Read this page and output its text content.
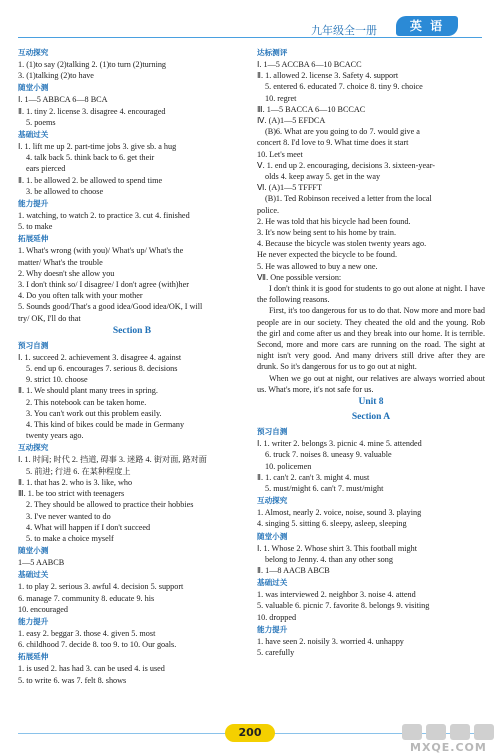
九年级全一册	英 语
互动探究
1. (1)to say (2)talking 2. (1)to turn (2)turning
3. (1)talking (2)to have
随堂小测
Ⅰ. 1—5 ABBCA 6—8 BCA
Ⅱ. 1. tiny 2. license 3. disagree 4. encouraged
5. poems
基础过关
Ⅰ. 1. lift me up 2. part-time jobs 3. give sb. a hug
4. talk back 5. think back to 6. get their
ears pierced
Ⅱ. 1. be allowed 2. be allowed to spend time
3. be allowed to choose
能力提升
1. watching, to watch 2. to practice 3. cut 4. finished
5. to make
拓展延伸
1. What's wrong (with you)/ What's up/ What's the
matter/ What's the trouble
2. Why doesn't she allow you
3. I don't think so/ I disagree/ I don't agree (with)her
4. Do you often talk with your mother
5. Sounds good/That's a good idea/Good idea/OK, I will
try/ OK, I'll do that
Section B
预习自测
Ⅰ. 1. succeed 2. achievement 3. disagree 4. against
5. end up 6. encourages 7. serious 8. decisions
9. strict 10. choose
Ⅱ. 1. We should plant many trees in spring.
2. This notebook can be taken home.
3. You can't work out this problem easily.
4. This kind of bikes could be made in Germany
twenty years ago.
互动探究
Ⅰ. 1. 时间; 时代 2. 挡道, 碍事 3. 迷路 4. 街对面, 路对面
5. 前进; 行进 6. 在某种程度上
Ⅱ. 1. that has 2. who is 3. like, who
Ⅲ. 1. be too strict with teenagers
2. They should be allowed to practice their hobbies
3. I've never wanted to do
4. What will happen if I don't succeed
5. to make a choice myself
随堂小测
1—5 AABCB
基础过关
1. to play 2. serious 3. awful 4. decision 5. support
6. manage 7. community 8. educate 9. his
10. encouraged
能力提升
1. easy 2. beggar 3. those 4. given 5. most
6. childhood 7. decide 8. too 9. to 10. Our goals.
拓展延伸
1. is used 2. has had 3. can be used 4. is used
5. to write 6. was 7. felt 8. shows
达标测评
Ⅰ. 1—5 ACCBA 6—10 BCACC
Ⅱ. 1. allowed 2. license 3. Safety 4. support
5. entered 6. educated 7. choice 8. tiny 9. choice
10. regret
Ⅲ. 1—5 BACCA 6—10 BCCAC
Ⅳ. (A)1—5 EFDCA
(B)6. What are you going to do 7. would give a
concert 8. I'd love to 9. What time does it start
10. Let's meet
Ⅴ. 1. end up 2. encouraging, decisions 3. sixteen-year-
olds 4. keep away 5. get in the way
Ⅵ. (A)1—5 TFFFT
(B)1. Ted Robinson received a letter from the local
police.
2. He was told that his bicycle had been found.
3. It's now being sent to his home by train.
4. Because the bicycle was stolen twenty years ago.
He never expected the bicycle to be found.
5. He was allowed to buy a new one.
Ⅶ. One possible version:
I don't think it is good for students to go out alone at night. I have the following reasons.
First, it's too dangerous for us to do that. Now more and more bad people are in our society. They cheated the old and the young. Rob the girl and come after us and they break into our home. It is terrible. Second, more and more cars are running on the road. The sight at night isn't very good. And many drivers still drive after they are drunk. So it's dangerous for us to go out at night.
When we go out at night, our relatives are always worried about us. What's more, it's not safe for us.
Unit 8
Section A
预习自测
Ⅰ. 1. writer 2. belongs 3. picnic 4. mine 5. attended
6. truck 7. noises 8. uneasy 9. valuable
10. policemen
Ⅱ. 1. can't 2. can't 3. might 4. must
5. must/might 6. can't 7. must/might
互动探究
1. Almost, nearly 2. voice, noise, sound 3. playing
4. singing 5. sitting 6. sleepy, asleep, sleeping
随堂小测
Ⅰ. 1. Whose 2. Whose shirt 3. This football might
belong to Jenny. 4. than any other song
Ⅱ. 1—8 AACB ABCB
基础过关
1. was interviewed 2. neighbor 3. noise 4. attend
5. valuable 6. picnic 7. favorite 8. belongs 9. visiting
10. dropped
能力提升
1. have seen 2. noisily 3. worried 4. unhappy
5. carefully
200
MXQE.COM
